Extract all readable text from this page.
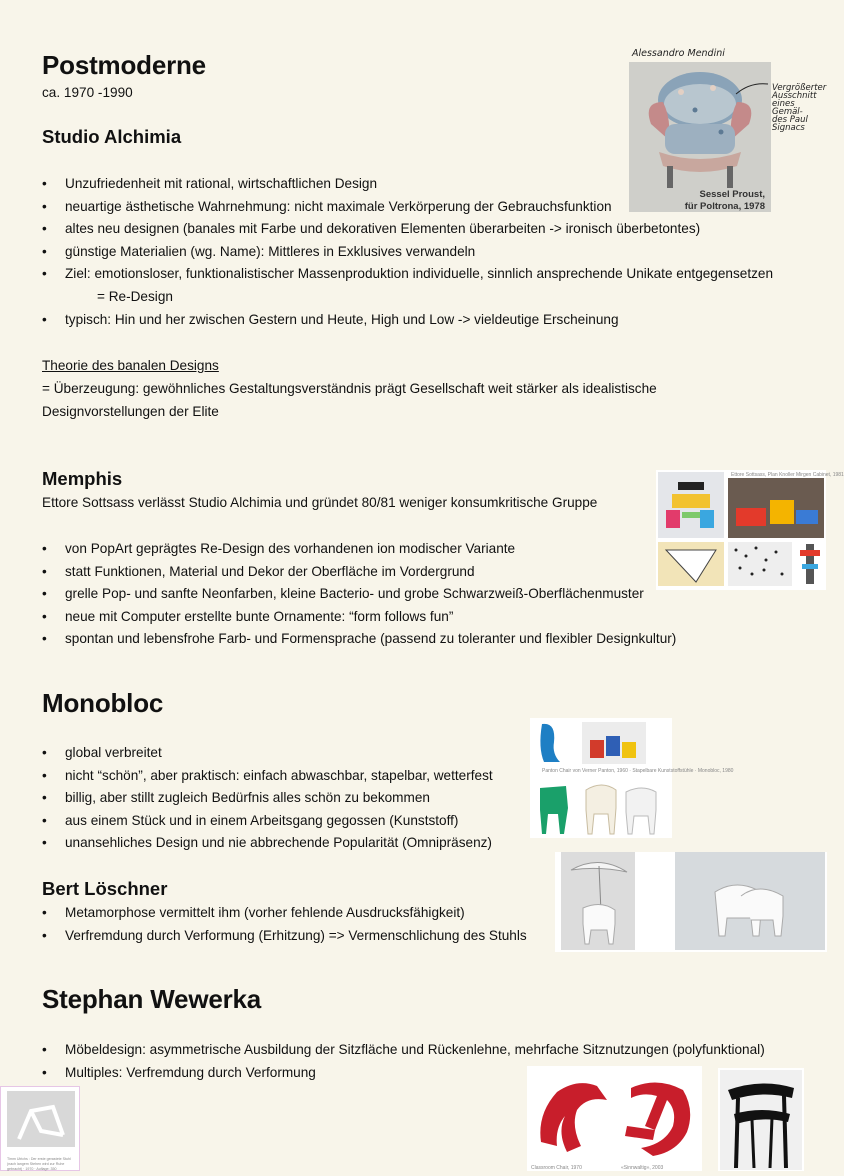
Postmoderne
ca. 1970 -1990
Studio Alchimia
• Unzufriedenheit mit rational, wirtschaftlichen Design
• neuartige ästhetische Wahrnehmung: nicht maximale Verkörperung der Gebrauchsfunktion
• altes neu designen (banales mit Farbe und dekorativen Elementen überarbeiten -> ironisch überbetontes)
• günstige Materialien (wg. Name): Mittleres in Exklusives verwandeln
• Ziel: emotionsloser, funktionalistischer Massenproduktion individuelle, sinnlich ansprechende Unikate entgegensetzen
= Re-Design
• typisch: Hin und her zwischen Gestern und Heute, High und Low -> vieldeutige Erscheinung
Theorie des banalen Designs
= Überzeugung: gewöhnliches Gestaltungsverständnis prägt Gesellschaft weit stärker als idealistische
Designvorstellungen der Elite
Alessandro Mendini
Sessel Proust,
für Poltrona, 1978
Vergrößerter
Ausschnitt
eines Gemäl-
des Paul
Signacs
Memphis
Ettore Sottsass verlässt Studio Alchimia und gründet 80/81 weniger konsumkritische Gruppe
• von PopArt geprägtes Re-Design des vorhandenen ion modischer Variante
• statt Funktionen, Material und Dekor der Oberfläche im Vordergrund
• grelle Pop- und sanfte Neonfarben, kleine Bacterio- und grobe Schwarzweiß-Oberflächenmuster
• neue mit Computer erstellte bunte Ornamente: “form follows fun”
• spontan und lebensfrohe Farb- und Formensprache (passend zu toleranter und flexibler Designkultur)
Ettore Sottsass, Plan Knoller Mirgen Cabinet, 1981
Monobloc
• global verbreitet
• nicht “schön”, aber praktisch: einfach abwaschbar, stapelbar, wetterfest
• billig, aber stillt zugleich Bedürfnis alles schön zu bekommen
• aus einem Stück und in einem Arbeitsgang gegossen (Kunststoff)
• unansehliches Design und nie abbrechende Popularität (Omnipräsenz)
Panton Chair von Verner Panton, 1960 · Stapelbare Kunststoffstühle · Monobloc, 1980
Bert Löschner
• Metamorphose vermittelt ihm (vorher fehlende Ausdrucksfähigkeit)
• Verfremdung durch Verformung (Erhitzung) => Vermenschlichung des Stuhls
Stephan Wewerka
• Möbeldesign: asymmetrische Ausbildung der Sitzfläche und Rückenlehne, mehrfache Sitznutzungen (polyfunktional)
• Multiples: Verfremdung durch Verformung
Timm Ulrichs : Der erste gerastete Stuhl (nach langem Stehen wird zur Ruhe gebracht) · 1970 · Auflage: 350	Classroom Chair, 1970	«Sinnwaltig», 2003
